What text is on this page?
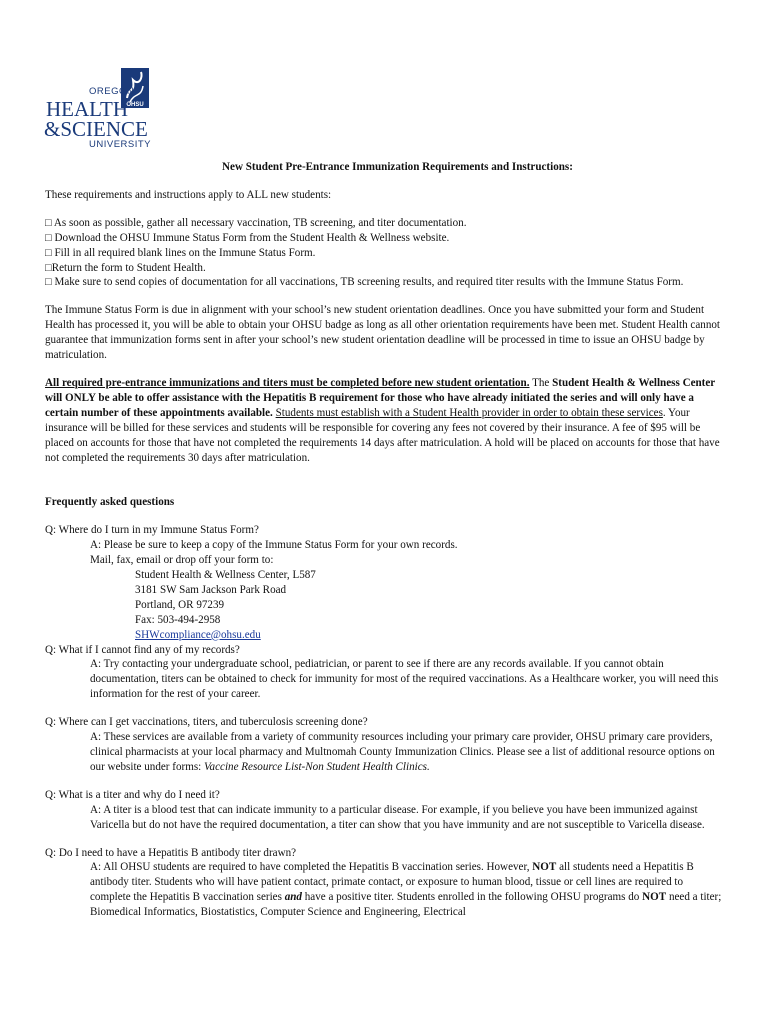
OHSU
OREGON
HEALTH
&SCIENCE
UNIVERSITY

New Student Pre-Entrance Immunization Requirements and Instructions:

These requirements and instructions apply to ALL new students:

□ As soon as possible, gather all necessary vaccination, TB screening, and titer documentation.

□ Download the OHSU Immune Status Form from the Student Health & Wellness website.

□ Fill in all required blank lines on the Immune Status Form.

□Return the form to Student Health.

□ Make sure to send copies of documentation for all vaccinations, TB screening results, and required titer results with the Immune Status Form.

The Immune Status Form is due in alignment with your school’s new student orientation deadlines. Once you have submitted your form and Student Health has processed it, you will be able to obtain your OHSU badge as long as all other orientation requirements have been met. Student Health cannot guarantee that immunization forms sent in after your school’s new student orientation deadline will be processed in time to issue an OHSU badge by matriculation.

All required pre-entrance immunizations and titers must be completed before new student orientation. The Student Health & Wellness Center will ONLY be able to offer assistance with the Hepatitis B requirement for those who have already initiated the series and will only have a certain number of these appointments available. Students must establish with a Student Health provider in order to obtain these services. Your insurance will be billed for these services and students will be responsible for covering any fees not covered by their insurance. A fee of $95 will be placed on accounts for those that have not completed the requirements 14 days after matriculation. A hold will be placed on accounts for those that have not completed the requirements 30 days after matriculation.

Frequently asked questions

Q: Where do I turn in my Immune Status Form?

A: Please be sure to keep a copy of the Immune Status Form for your own records.

Mail, fax, email or drop off your form to:

Student Health & Wellness Center, L587

3181 SW Sam Jackson Park Road

Portland, OR 97239

Fax: 503-494-2958

SHWcompliance@ohsu.edu

Q: What if I cannot find any of my records?

A: Try contacting your undergraduate school, pediatrician, or parent to see if there are any records available. If you cannot obtain documentation, titers can be obtained to check for immunity for most of the required vaccinations. As a Healthcare worker, you will need this information for the rest of your career.

Q: Where can I get vaccinations, titers, and tuberculosis screening done?

A: These services are available from a variety of community resources including your primary care provider, OHSU primary care providers, clinical pharmacists at your local pharmacy and Multnomah County Immunization Clinics. Please see a list of additional resource options on our website under forms: Vaccine Resource List-Non Student Health Clinics.

Q: What is a titer and why do I need it?

A: A titer is a blood test that can indicate immunity to a particular disease. For example, if you believe you have been immunized against Varicella but do not have the required documentation, a titer can show that you have immunity and are not susceptible to Varicella disease.

Q: Do I need to have a Hepatitis B antibody titer drawn?

A: All OHSU students are required to have completed the Hepatitis B vaccination series. However, NOT all students need a Hepatitis B antibody titer. Students who will have patient contact, primate contact, or exposure to human blood, tissue or cell lines are required to complete the Hepatitis B vaccination series and have a positive titer. Students enrolled in the following OHSU programs do NOT need a titer; Biomedical Informatics, Biostatistics, Computer Science and Engineering, Electrical
